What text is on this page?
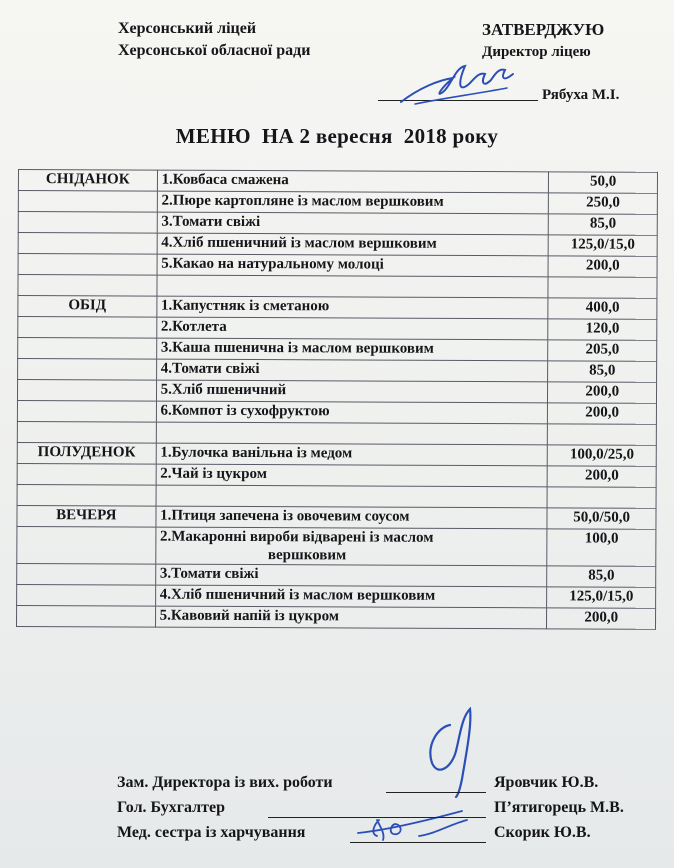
Херсонський ліцей
Херсонської обласної ради
ЗАТВЕРДЖУЮ
Директор ліцею
Рябуха М.І.
МЕНЮ  НА 2 вересня  2018 року
СНІДАНОК	1.Ковбаса смажена	50,0
	2.Пюре картопляне із маслом вершковим	250,0
	3.Томати свіжі	85,0
	4.Хліб пшеничний із маслом вершковим	125,0/15,0
	5.Какао на натуральному молоці	200,0

ОБІД	1.Капустняк із сметаною	400,0
	2.Котлета	120,0
	3.Каша пшенична із маслом вершковим	205,0
	4.Томати свіжі	85,0
	5.Хліб пшеничний	200,0
	6.Компот із сухофруктою	200,0

ПОЛУДЕНОК	1.Булочка ванільна із медом	100,0/25,0
	2.Чай із цукром	200,0

ВЕЧЕРЯ	1.Птиця запечена із овочевим соусом	50,0/50,0
	2.Макаронні вироби відварені із маслом
вершковим	100,0
	3.Томати свіжі	85,0
	4.Хліб пшеничний із маслом вершковим	125,0/15,0
	5.Кавовий напій із цукром	200,0
Зам. Директора із вих. роботи	Яровчик Ю.В.
Гол. Бухгалтер	П’ятигорець М.В.
Мед. сестра із харчування	Скорик Ю.В.
